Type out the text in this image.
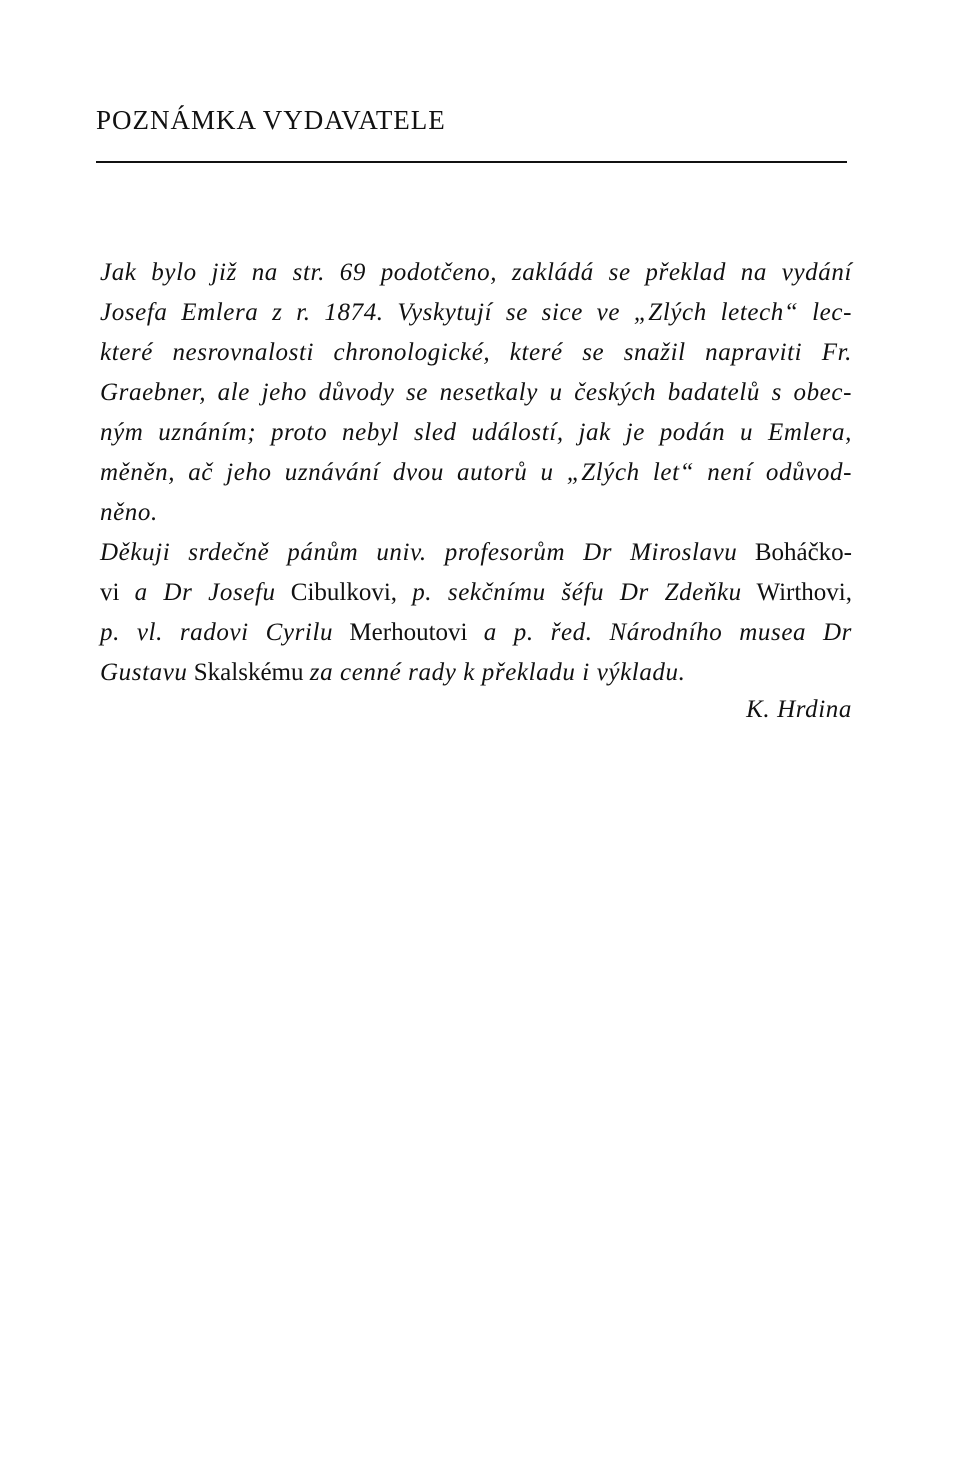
POZNÁMKA VYDAVATELE
Jak bylo již na str. 69 podotčeno, zakládá se překlad na vydání
Josefa Emlera z r. 1874. Vyskytují se sice ve „Zlých letech“ lec-
které nesrovnalosti chronologické, které se snažil napraviti Fr.
Graebner, ale jeho důvody se nesetkaly u českých badatelů s obec-
ným uznáním; proto nebyl sled událostí, jak je podán u Emlera,
měněn, ač jeho uznávání dvou autorů u „Zlých let“ není odůvod-
něno.
Děkuji srdečně pánům univ. profesorům Dr Miroslavu Boháčko-
vi a Dr Josefu Cibulkovi, p. sekčnímu šéfu Dr Zdeňku Wirthovi,
p. vl. radovi Cyrilu Merhoutovi a p. řed. Národního musea Dr
Gustavu Skalskému za cenné rady k překladu i výkladu.
K. Hrdina
